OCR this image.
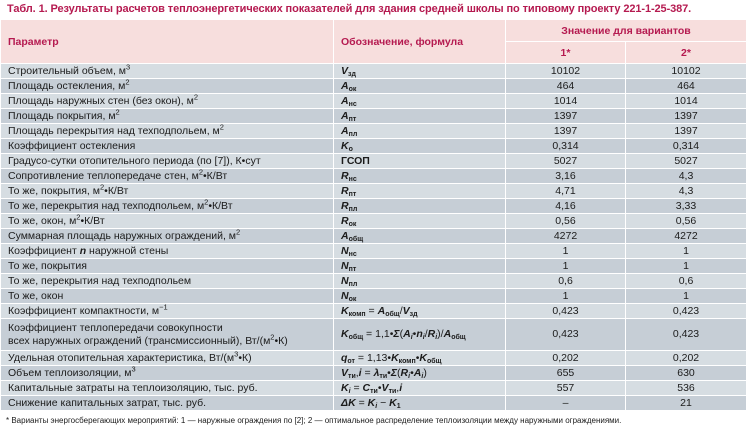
Табл. 1. Результаты расчетов теплоэнергетических показателей для здания средней школы по типовому проекту 221-1-25-387.
Параметр	Обозначение, формула	Значение для вариантов	
		1*	2*

Строительный объем, $м^3$	$V_{зд}$	10102	10102

Площадь остекления, $м^2$	$A_{ок}$	464	464

Площадь наружных стен (без окон), $м^2$	$A_{нс}$	1014	1014

Площадь покрытия, $м^2$	$A_{пт}$	1397	1397

Площадь перекрытия над техподпольем, $м^2$	$A_{пл}$	1397	1397

Коэффициент остекления	$K_о$	0,314	0,314

Градусо-сутки отопительного периода (по [7]), К•сут	ГСОП	5027	5027

Сопротивление теплопередаче стен, $м^2•К/Вт$	$R_{нс}$	3,16	4,3

То же, покрытия, $м^2•К/Вт$	$R_{пт}$	4,71	4,3

То же, перекрытия над техподпольем, $м^2•К/Вт$	$R_{пл}$	4,16	3,33

То же, окон, $м^2•К/Вт$	$R_{ок}$	0,56	0,56

Суммарная площадь наружных ограждений, $м^2$	$A_{общ}$	4272	4272

Коэффициент n наружной стены	$N_{нс}$	1	1

То же, покрытия	$N_{пт}$	1	1

То же, перекрытия над техподпольем	$N_{пл}$	0,6	0,6

То же, окон	$N_{ок}$	1	1

Коэффициент компактности, $м^{-1}$	$K_{комп} = A_{общ}/V_{зд}$	0,423	0,423

Коэффициент теплопередачи совокупности
всех наружных ограждений (трансмиссионный), $Вт/(м^2•К)$	$K_{общ}$ = $1,1•\Sigma(A_i•n_i/R_i)/A_{общ}$	0,423	0,423

Удельная отопительная характеристика, $Вт/(м^3•К)$	$q_{от}$ = $1,13•K_{комп}•K_{общ}$	0,202	0,202

Объем теплоизоляции, $м^3$	$V_{ти},i$ = $\lambda_{ти}•\Sigma(R_i•A_i)$	655	630

Капитальные затраты на теплоизоляцию, тыс. руб.	$K_i$ = $C_{ти}•V_{ти},i$	557	536

Снижение капитальных затрат, тыс. руб.	$\Delta K = K_i - K_1$	–	21
* Варианты энергосберегающих мероприятий: 1 — наружные ограждения по [2]; 2 — оптимальное распределение теплоизоляции между наружными ограждениями.
